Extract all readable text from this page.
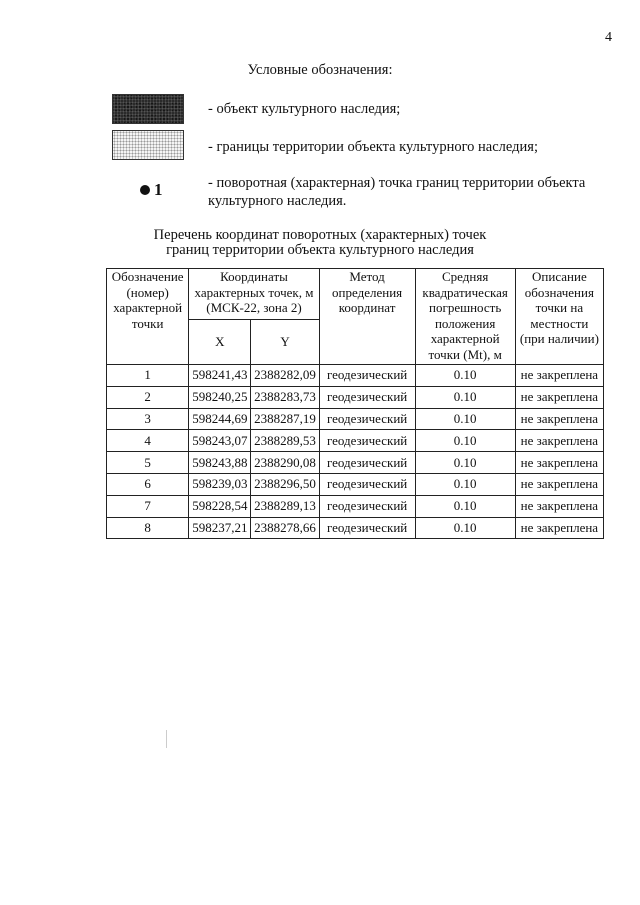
4
Условные обозначения:
- объект культурного наследия;
- границы территории объекта культурного наследия;
1	- поворотная (характерная) точка границ территории объекта культурного наследия.
Перечень координат поворотных (характерных) точек
границ территории объекта культурного наследия
Обозначение (номер) характерной точки	Координаты характерных точек, м (МСК-22, зона 2)		Метод определения координат	Средняя квадратическая погрешность положения характерной точки (Mt), м	Описание обозначения точки на местности (при наличии)
	X	Y			
1	598241,43	2388282,09	геодезический	0.10	не закреплена
2	598240,25	2388283,73	геодезический	0.10	не закреплена
3	598244,69	2388287,19	геодезический	0.10	не закреплена
4	598243,07	2388289,53	геодезический	0.10	не закреплена
5	598243,88	2388290,08	геодезический	0.10	не закреплена
6	598239,03	2388296,50	геодезический	0.10	не закреплена
7	598228,54	2388289,13	геодезический	0.10	не закреплена
8	598237,21	2388278,66	геодезический	0.10	не закреплена
